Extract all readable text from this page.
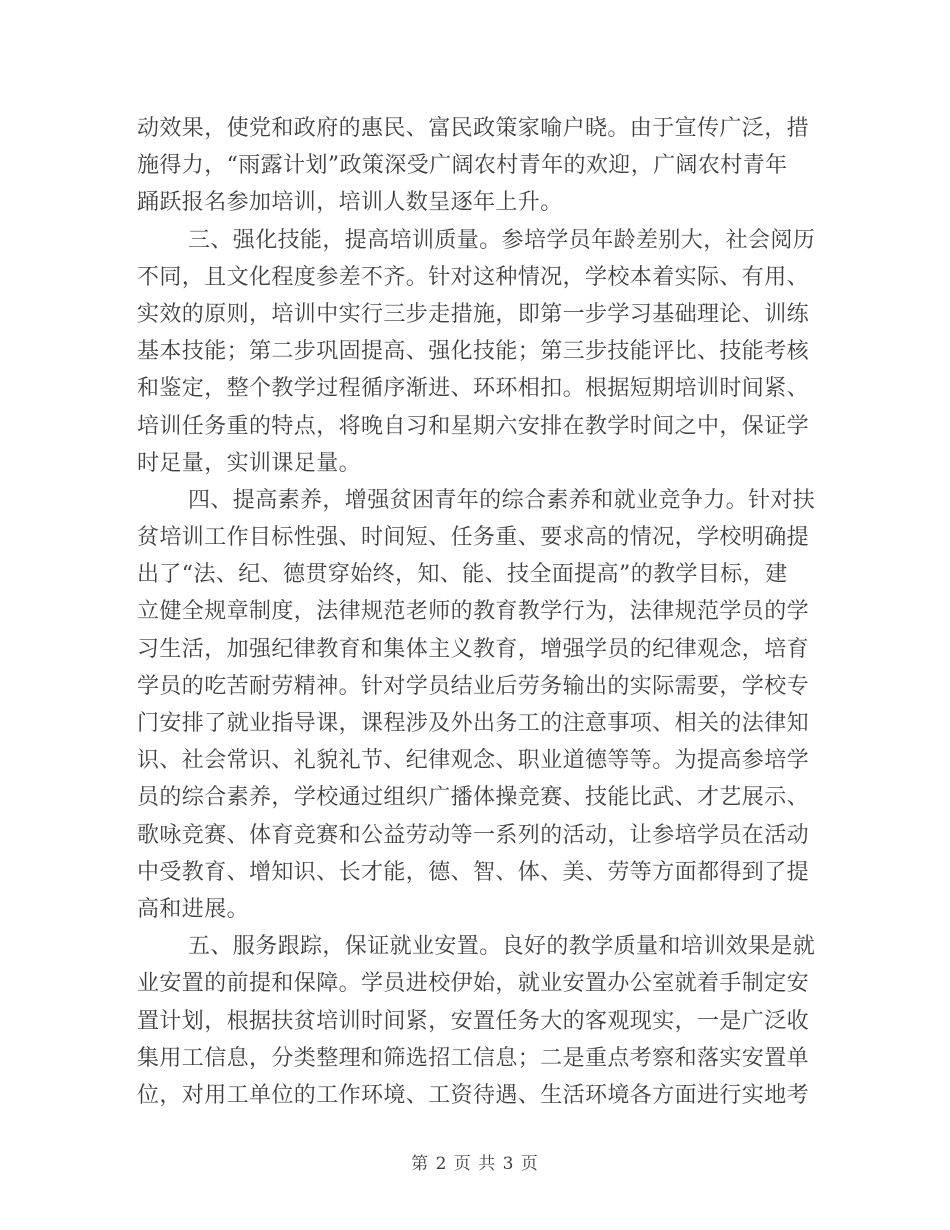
动效果，使党和政府的惠民、富民政策家喻户晓。由于宣传广泛，措
施得力，“雨露计划”政策深受广阔农村青年的欢迎，广阔农村青年
踊跃报名参加培训，培训人数呈逐年上升。
三、强化技能，提高培训质量。参培学员年龄差别大，社会阅历
不同，且文化程度参差不齐。针对这种情况，学校本着实际、有用、
实效的原则，培训中实行三步走措施，即第一步学习基础理论、训练
基本技能；第二步巩固提高、强化技能；第三步技能评比、技能考核
和鉴定，整个教学过程循序渐进、环环相扣。根据短期培训时间紧、
培训任务重的特点，将晚自习和星期六安排在教学时间之中，保证学
时足量，实训课足量。
四、提高素养，增强贫困青年的综合素养和就业竞争力。针对扶
贫培训工作目标性强、时间短、任务重、要求高的情况，学校明确提
出了“法、纪、德贯穿始终，知、能、技全面提高”的教学目标，建
立健全规章制度，法律规范老师的教育教学行为，法律规范学员的学
习生活，加强纪律教育和集体主义教育，增强学员的纪律观念，培育
学员的吃苦耐劳精神。针对学员结业后劳务输出的实际需要，学校专
门安排了就业指导课，课程涉及外出务工的注意事项、相关的法律知
识、社会常识、礼貌礼节、纪律观念、职业道德等等。为提高参培学
员的综合素养，学校通过组织广播体操竞赛、技能比武、才艺展示、
歌咏竞赛、体育竞赛和公益劳动等一系列的活动，让参培学员在活动
中受教育、增知识、长才能，德、智、体、美、劳等方面都得到了提
高和进展。
五、服务跟踪，保证就业安置。良好的教学质量和培训效果是就
业安置的前提和保障。学员进校伊始，就业安置办公室就着手制定安
置计划，根据扶贫培训时间紧，安置任务大的客观现实，一是广泛收
集用工信息，分类整理和筛选招工信息；二是重点考察和落实安置单
位，对用工单位的工作环境、工资待遇、生活环境各方面进行实地考
第 2 页 共 3 页
